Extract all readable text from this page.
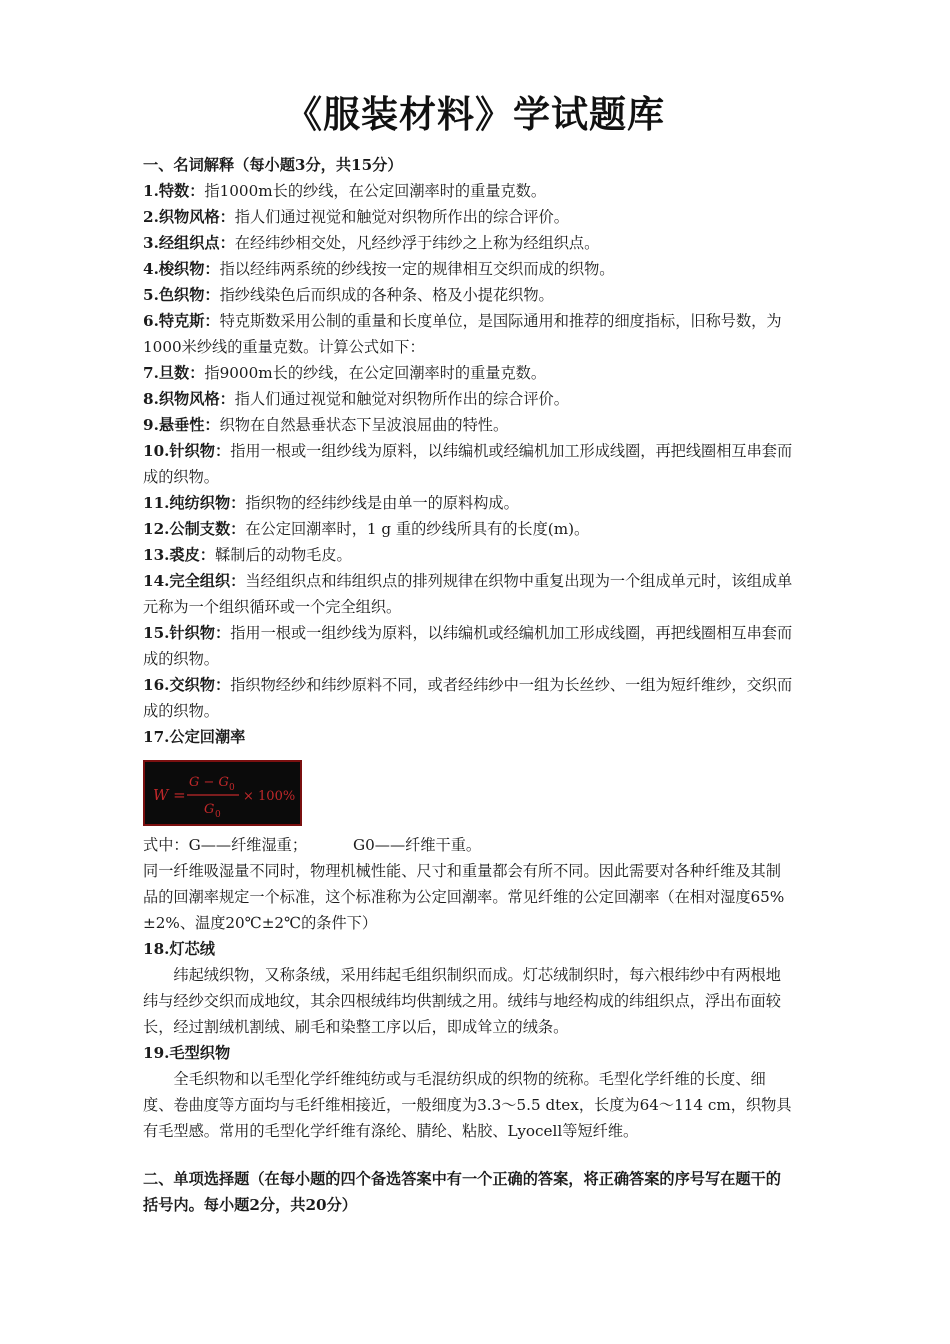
《服装材料》学试题库
一、名词解释（每小题3分，共15分）
1.特数：指1000m长的纱线，在公定回潮率时的重量克数。
2.织物风格：指人们通过视觉和触觉对织物所作出的综合评价。
3.经组织点：在经纬纱相交处，凡经纱浮于纬纱之上称为经组织点。
4.梭织物：指以经纬两系统的纱线按一定的规律相互交织而成的织物。
5.色织物：指纱线染色后而织成的各种条、格及小提花织物。
6.特克斯：特克斯数采用公制的重量和长度单位，是国际通用和推荐的细度指标，旧称号数，为1000米纱线的重量克数。计算公式如下：
7.旦数：指9000m长的纱线，在公定回潮率时的重量克数。
8.织物风格：指人们通过视觉和触觉对织物所作出的综合评价。
9.悬垂性：织物在自然悬垂状态下呈波浪屈曲的特性。
10.针织物：指用一根或一组纱线为原料，以纬编机或经编机加工形成线圈，再把线圈相互串套而成的织物。
11.纯纺织物：指织物的经纬纱线是由单一的原料构成。
12.公制支数：在公定回潮率时，1 g 重的纱线所具有的长度(m)。
13.裘皮：鞣制后的动物毛皮。
14.完全组织：当经组织点和纬组织点的排列规律在织物中重复出现为一个组成单元时，该组成单元称为一个组织循环或一个完全组织。
15.针织物：指用一根或一组纱线为原料，以纬编机或经编机加工形成线圈，再把线圈相互串套而成的织物。
16.交织物：指织物经纱和纬纱原料不同，或者经纬纱中一组为长丝纱、一组为短纤维纱，交织而成的织物。
17.公定回潮率
W =
G − G 0
G 0
× 100%
式中：G——纤维湿重；	G0——纤维干重。
同一纤维吸湿量不同时，物理机械性能、尺寸和重量都会有所不同。因此需要对各种纤维及其制品的回潮率规定一个标准，这个标准称为公定回潮率。常见纤维的公定回潮率（在相对湿度65%±2%、温度20℃±2℃的条件下）
18.灯芯绒
纬起绒织物，又称条绒，采用纬起毛组织制织而成。灯芯绒制织时，每六根纬纱中有两根地纬与经纱交织而成地纹，其余四根绒纬均供割绒之用。绒纬与地经构成的纬组织点，浮出布面较长，经过割绒机割绒、刷毛和染整工序以后，即成耸立的绒条。
19.毛型织物
全毛织物和以毛型化学纤维纯纺或与毛混纺织成的织物的统称。毛型化学纤维的长度、细度、卷曲度等方面均与毛纤维相接近，一般细度为3.3～5.5 dtex，长度为64～114 cm，织物具有毛型感。常用的毛型化学纤维有涤纶、腈纶、粘胶、Lyocell等短纤维。
二、单项选择题（在每小题的四个备选答案中有一个正确的答案，将正确答案的序号写在题干的括号内。每小题2分，共20分）
